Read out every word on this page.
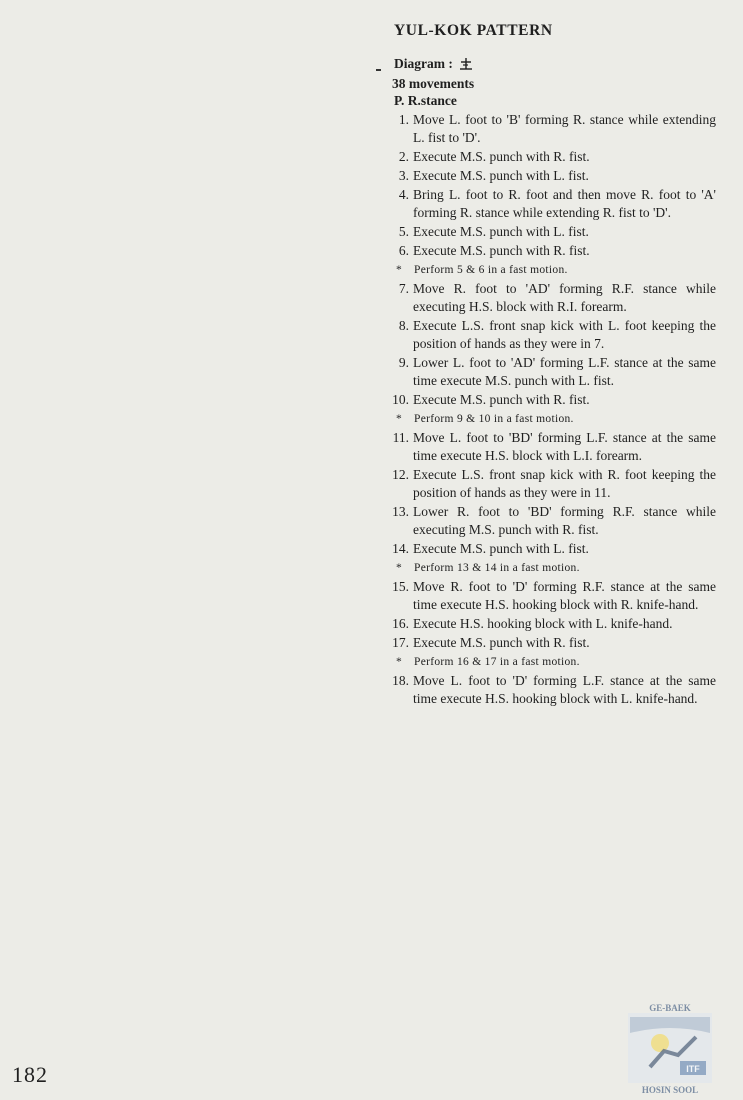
YUL-KOK PATTERN
Diagram :
38 movements
P. R.stance
1. Move L. foot to 'B' forming R. stance while extending L. fist to 'D'.
2. Execute M.S. punch with R. fist.
3. Execute M.S. punch with L. fist.
4. Bring L. foot to R. foot and then move R. foot to 'A' forming R. stance while extending R. fist to 'D'.
5. Execute M.S. punch with L. fist.
6. Execute M.S. punch with R. fist.
* Perform 5 & 6 in a fast motion.
7. Move R. foot to 'AD' forming R.F. stance while executing H.S. block with R.I. forearm.
8. Execute L.S. front snap kick with L. foot keeping the position of hands as they were in 7.
9. Lower L. foot to 'AD' forming L.F. stance at the same time execute M.S. punch with L. fist.
10. Execute M.S. punch with R. fist.
* Perform 9 & 10 in a fast motion.
11. Move L. foot to 'BD' forming L.F. stance at the same time execute H.S. block with L.I. forearm.
12. Execute L.S. front snap kick with R. foot keeping the position of hands as they were in 11.
13. Lower R. foot to 'BD' forming R.F. stance while executing M.S. punch with R. fist.
14. Execute M.S. punch with L. fist.
* Perform 13 & 14 in a fast motion.
15. Move R. foot to 'D' forming R.F. stance at the same time execute H.S. hooking block with R. knife-hand.
16. Execute H.S. hooking block with L. knife-hand.
17. Execute M.S. punch with R. fist.
* Perform 16 & 17 in a fast motion.
18. Move L. foot to 'D' forming L.F. stance at the same time execute H.S. hooking block with L. knife-hand.
182
GE-BAEK
ITF
HOSIN SOOL
